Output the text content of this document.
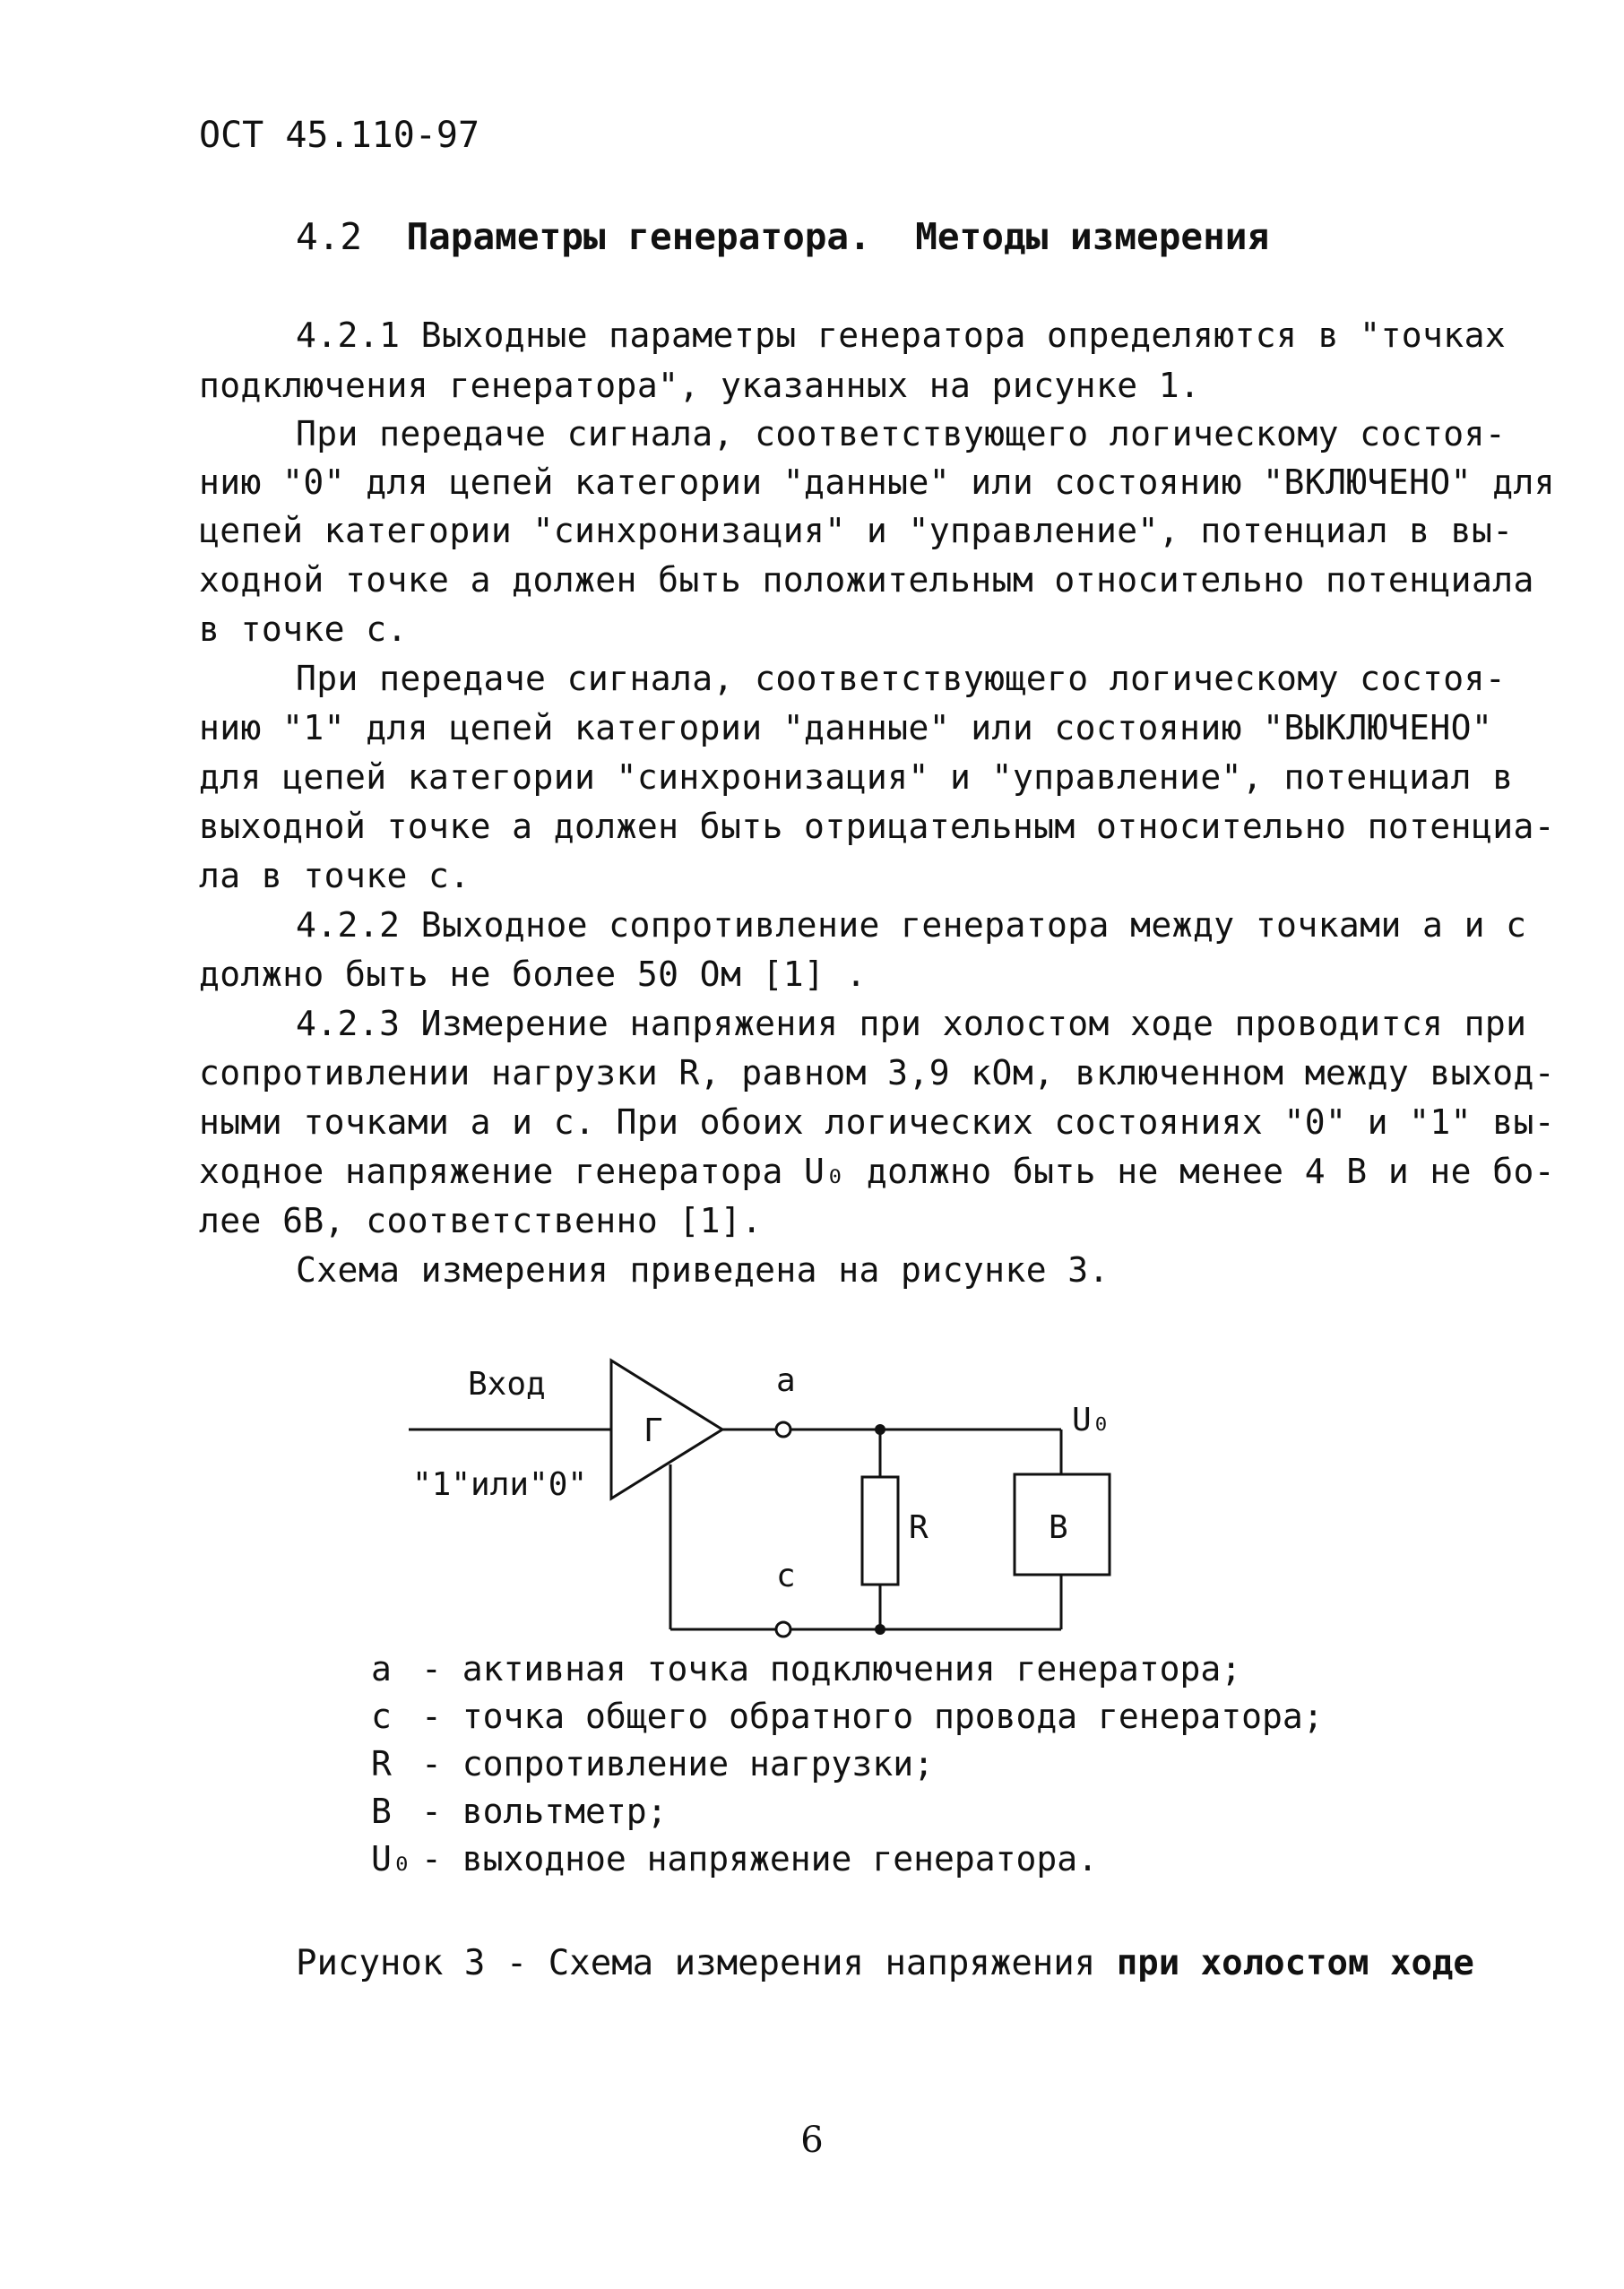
ОСТ 45.110-97
4.2 Параметры генератора. Методы измерения
4.2.1 Выходные параметры генератора определяются в "точках
подключения генератора", указанных на рисунке 1.
При передаче сигнала, соответствующего логическому состоя-
нию "0" для цепей категории "данные" или состоянию "ВКЛЮЧЕНО" для
цепей категории "синхронизация" и "управление", потенциал в вы-
ходной точке а должен быть положительным относительно потенциала
в точке с.
При передаче сигнала, соответствующего логическому состоя-
нию "1" для цепей категории "данные" или состоянию "ВЫКЛЮЧЕНО"
для цепей категории "синхронизация" и "управление", потенциал в
выходной точке а должен быть отрицательным относительно потенциа-
ла в точке с.
4.2.2 Выходное сопротивление генератора между точками а и с
должно быть не более 50 Ом [1] .
4.2.3 Измерение напряжения при холостом ходе проводится при
сопротивлении нагрузки R, равном 3,9 кОм, включенном между выход-
ными точками а и с. При обоих логических состояниях "0" и "1" вы-
ходное напряжение генератора U₀ должно быть не менее 4 В и не бо-
лее 6В, соответственно [1].
Схема измерения приведена на рисунке 3.
Вход
"1"или"0"
Г
а
с
R	В
U₀
а - активная точка подключения генератора;
с - точка общего обратного провода генератора;
R - сопротивление нагрузки;
В - вольтметр;
U₀ - выходное напряжение генератора.
Рисунок 3 - Схема измерения напряжения при холостом ходе
6
